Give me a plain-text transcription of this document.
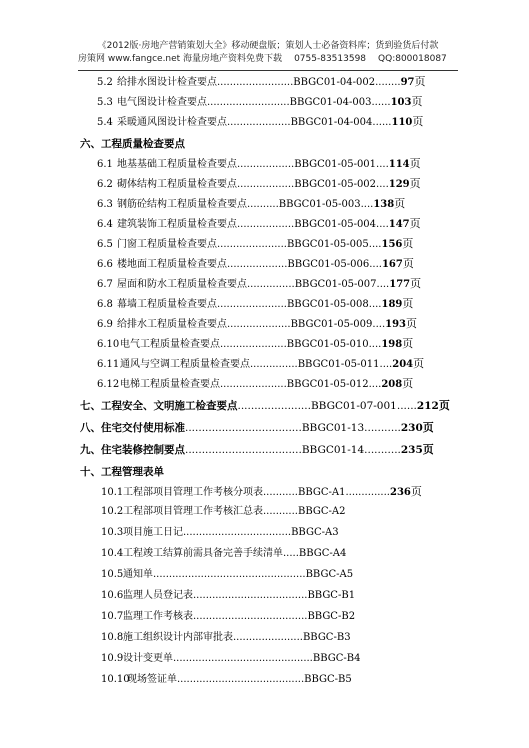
《2012版·房地产营销策划大全》移动硬盘版；策划人士必备资料库；货到验货后付款
房策网 www.fangce.net 海量房地产资料免费下载 0755-83513598 QQ:800018087
5.2 给排水图设计检查要点 ........................ BBGC01-04-002 ........ 97 页
5.3 电气图设计检查要点 .......................... BBGC01-04-003 ...... 103 页
5.4 采暖通风图设计检查要点 .................... BBGC01-04-004 ...... 110 页
六、 工程质量检查要点
6.1 地基基础工程质量检查要点 .................. BBGC01-05-001 .... 114 页
6.2 砌体结构工程质量检查要点 .................. BBGC01-05-002 .... 129 页
6.3 钢筋砼结构工程质量检查要点 .......... BBGC01-05-003 .... 138 页
6.4 建筑装饰工程质量检查要点 .................. BBGC01-05-004 .... 147 页
6.5 门窗工程质量检查要点 ...................... BBGC01-05-005 .... 156 页
6.6 楼地面工程质量检查要点 ................... BBGC01-05-006 .... 167 页
6.7 屋面和防水工程质量检查要点 ............... BBGC01-05-007 .... 177 页
6.8 幕墙工程质量检查要点 ...................... BBGC01-05-008 .... 189 页
6.9 给排水工程质量检查要点 .................... BBGC01-05-009 .... 193 页
6.10 电气工程质量检查要点 ..................... BBGC01-05-010 .... 198 页
6.11 通风与空调工程质量检查要点 ............... BBGC01-05-011 .... 204 页
6.12 电梯工程质量检查要点 ..................... BBGC01-05-012 .... 208 页
七、 工程安全、文明施工检查要点 ...................... BBGC01-07-001 ...... 212 页
八、 住宅交付使用标准 ................................... BBGC01-13 ........... 230 页
九、 住宅装修控制要点 ................................... BBGC01-14 ........... 235 页
十、 工程管理表单
10.1 工程部项目管理工作考核分项表 ........... BBGC-A1 .............. 236 页
10.2 工程部项目管理工作考核汇总表 ........... BBGC-A2
10.3 项目施工日记 .................................. BBGC-A3
10.4 工程竣工结算前需具备完善手续清单 ..... BBGC-A4
10.5 通知单 ................................................ BBGC-A5
10.6 监理人员登记表 .................................... BBGC-B1
10.7 监理工作考核表 .................................... BBGC-B2
10.8 施工组织设计内部审批表 ...................... BBGC-B3
10.9 设计变更单 ............................................ BBGC-B4
10.10
现场签证单 ........................................ BBGC-B5
